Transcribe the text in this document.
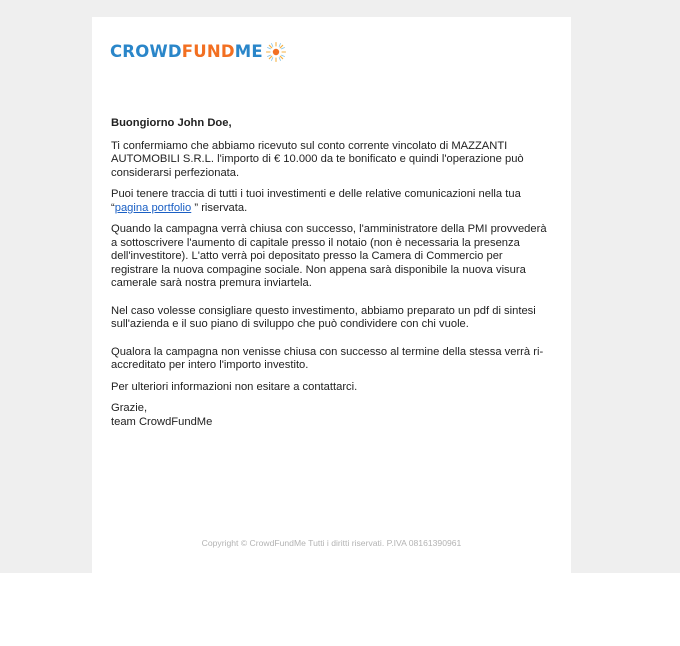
CROWDFUNDME

Buongiorno John Doe,

Ti confermiamo che abbiamo ricevuto sul conto corrente vincolato di MAZZANTI AUTOMOBILI S.R.L. l'importo di € 10.000 da te bonificato e quindi l'operazione può considerarsi perfezionata.

Puoi tenere traccia di tutti i tuoi investimenti e delle relative comunicazioni nella tua “pagina portfolio ” riservata.

Quando la campagna verrà chiusa con successo, l'amministratore della PMI provvederà a sottoscrivere l'aumento di capitale presso il notaio (non è necessaria la presenza dell'investitore). L'atto verrà poi depositato presso la Camera di Commercio per registrare la nuova compagine sociale. Non appena sarà disponibile la nuova visura camerale sarà nostra premura inviartela.

Nel caso volesse consigliare questo investimento, abbiamo preparato un pdf di sintesi sull'azienda e il suo piano di sviluppo che può condividere con chi vuole.

Qualora la campagna non venisse chiusa con successo al termine della stessa verrà ri-accreditato per intero l'importo investito.

Per ulteriori informazioni non esitare a contattarci.

Grazie,
team CrowdFundMe

Copyright © CrowdFundMe Tutti i diritti riservati. P.IVA 08161390961
